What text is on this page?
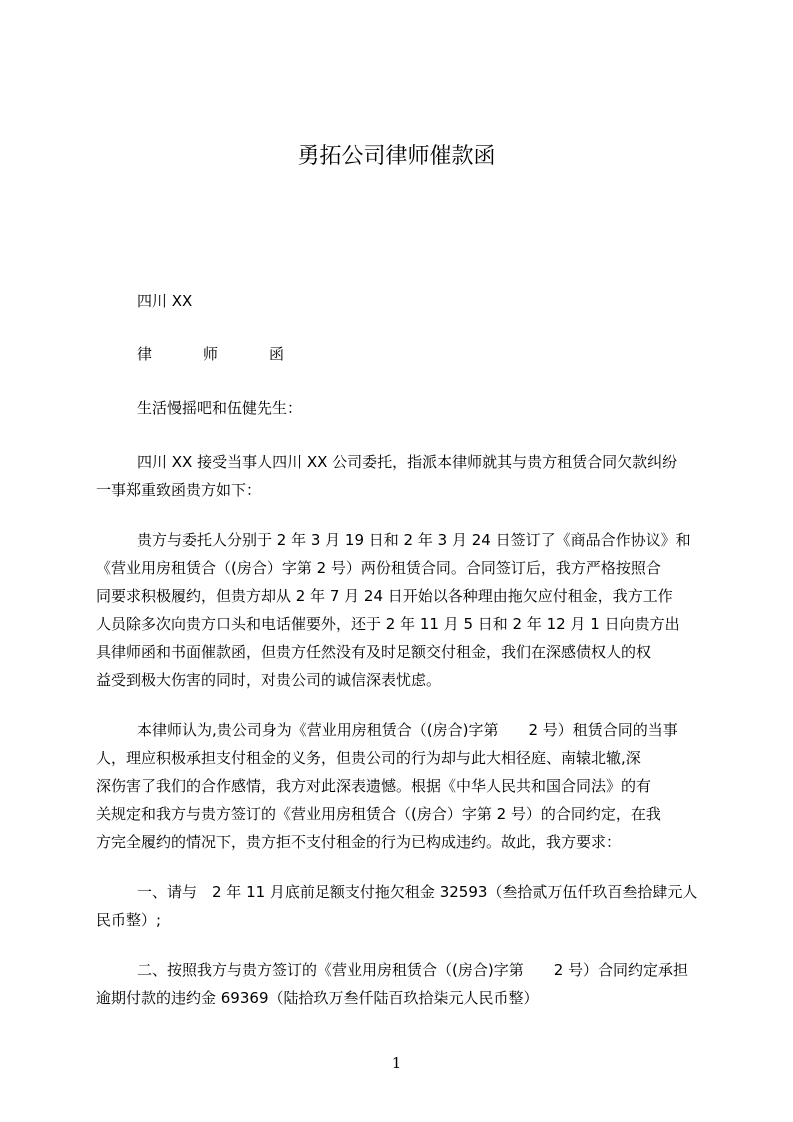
勇拓公司律师催款函
四川 XX
律	师	函
生活慢摇吧和伍健先生：
四川 XX 接受当事人四川 XX 公司委托，指派本律师就其与贵方租赁合同欠款纠纷
一事郑重致函贵方如下：
贵方与委托人分别于 2 年 3 月 19 日和 2 年 3 月 24 日签订了《商品合作协议》和
《营业用房租赁合（(房合）字第 2 号）两份租赁合同。合同签订后，我方严格按照合
同要求积极履约，但贵方却从 2 年 7 月 24 日开始以各种理由拖欠应付租金，我方工作
人员除多次向贵方口头和电话催要外，还于 2 年 11 月 5 日和 2 年 12 月 1 日向贵方出
具律师函和书面催款函，但贵方任然没有及时足额交付租金，我们在深感债权人的权
益受到极大伤害的同时，对贵公司的诚信深表忧虑。
本律师认为,贵公司身为《营业用房租赁合（(房合)字第　　2 号）租赁合同的当事
人，理应积极承担支付租金的义务，但贵公司的行为却与此大相径庭、南辕北辙,深
深伤害了我们的合作感情，我方对此深表遗憾。根据《中华人民共和国合同法》的有
关规定和我方与贵方签订的《营业用房租赁合（(房合）字第 2 号）的合同约定，在我
方完全履约的情况下，贵方拒不支付租金的行为已构成违约。故此，我方要求：
一、请与　2 年 11 月底前足额支付拖欠租金 32593（叁拾贰万伍仟玖百叁拾肆元人
民币整）;
二、按照我方与贵方签订的《营业用房租赁合（(房合)字第　　2 号）合同约定承担
逾期付款的违约金 69369（陆拾玖万叁仟陆百玖拾柒元人民币整）
1
